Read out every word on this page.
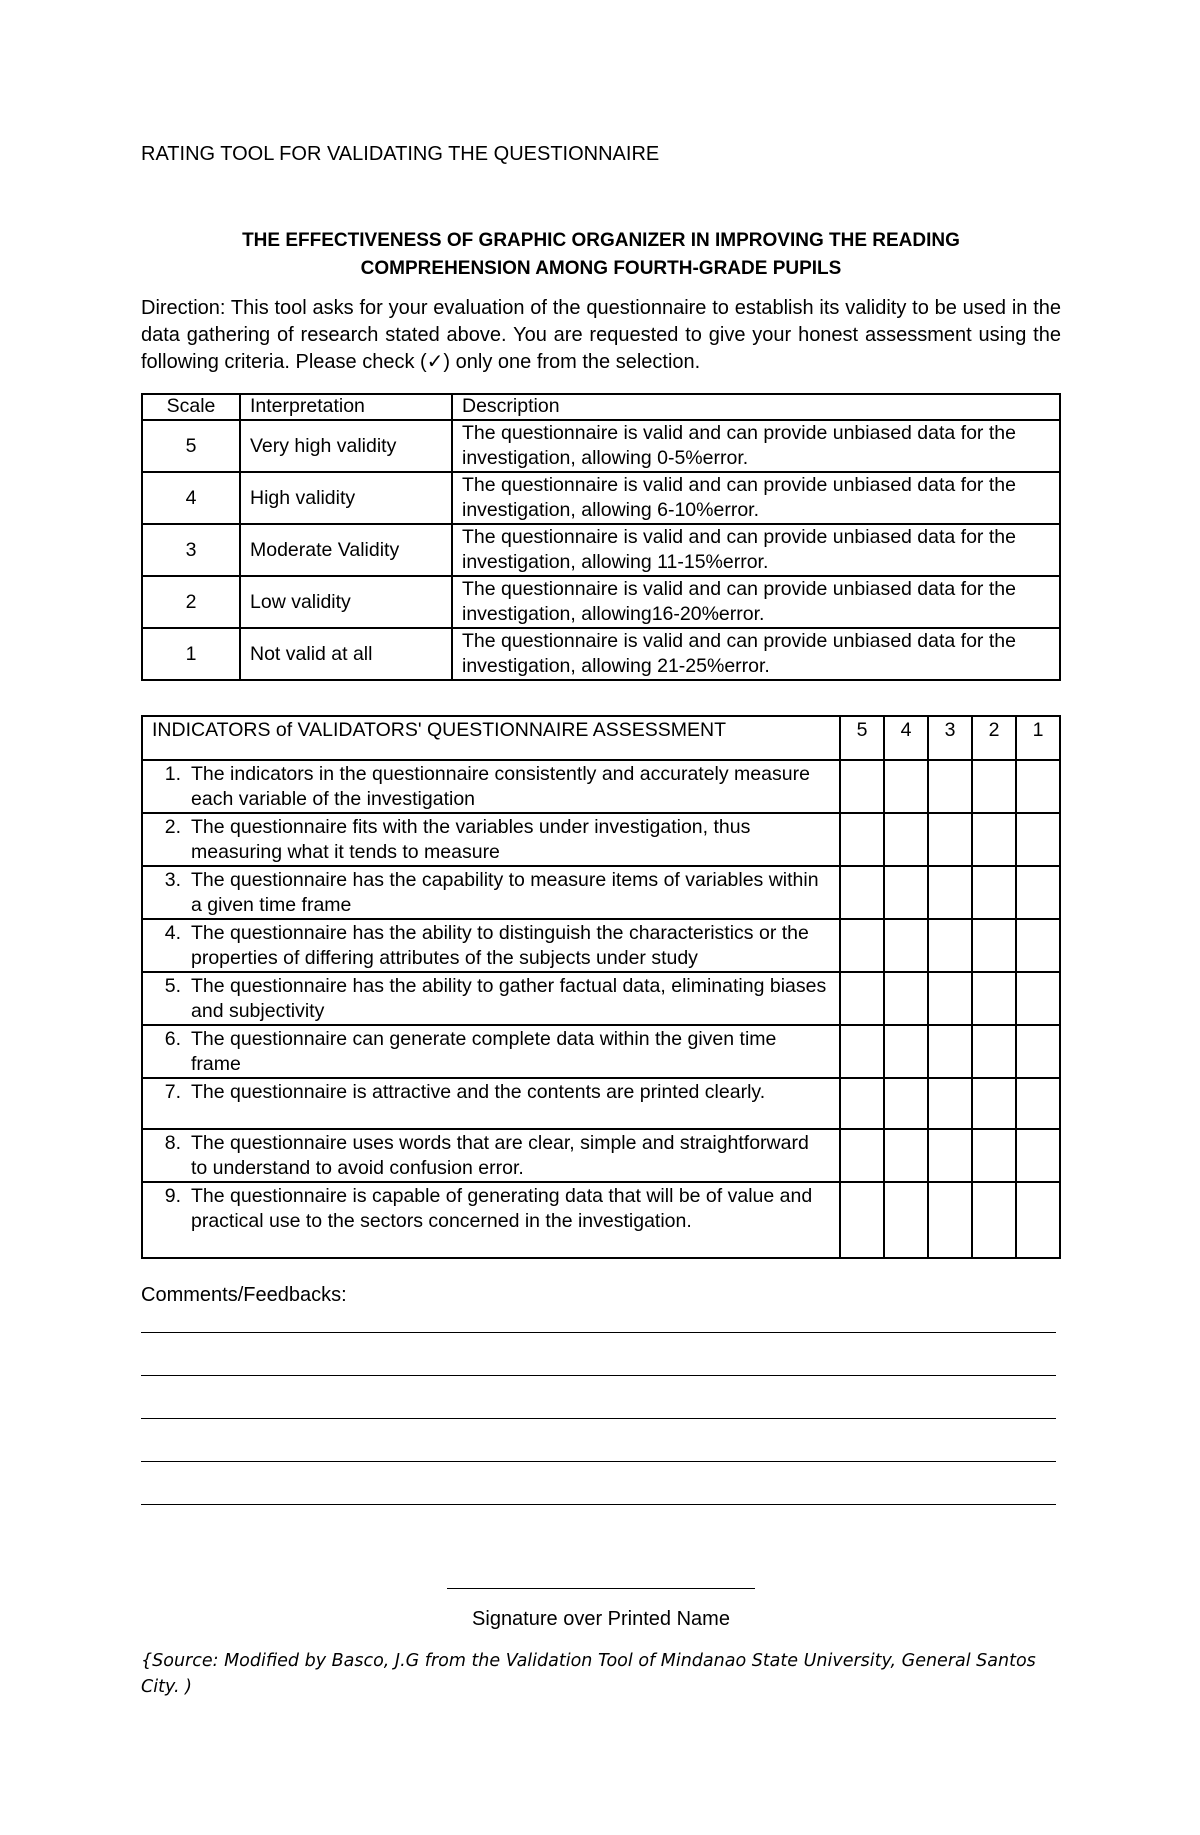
RATING TOOL FOR VALIDATING THE QUESTIONNAIRE
THE EFFECTIVENESS OF GRAPHIC ORGANIZER IN IMPROVING THE READING
COMPREHENSION AMONG FOURTH-GRADE PUPILS
Direction: This tool asks for your evaluation of the questionnaire to establish its validity to be used in the data gathering of research stated above. You are requested to give your honest assessment using the following criteria. Please check (✓) only one from the selection.
Scale	Interpretation	Description
5	Very high validity	The questionnaire is valid and can provide unbiased data for the investigation, allowing 0-5%error.
4	High validity	The questionnaire is valid and can provide unbiased data for the investigation, allowing 6-10%error.
3	Moderate Validity	The questionnaire is valid and can provide unbiased data for the investigation, allowing 11-15%error.
2	Low validity	The questionnaire is valid and can provide unbiased data for the investigation, allowing16-20%error.
1	Not valid at all	The questionnaire is valid and can provide unbiased data for the investigation, allowing 21-25%error.
INDICATORS of VALIDATORS' QUESTIONNAIRE ASSESSMENT	5	4	3	2	1

1. The indicators in the questionnaire consistently and accurately measure each variable of the investigation					

2. The questionnaire fits with the variables under investigation, thus measuring what it tends to measure					

3. The questionnaire has the capability to measure items of variables within a given time frame					

4. The questionnaire has the ability to distinguish the characteristics or the properties of differing attributes of the subjects under study					

5. The questionnaire has the ability to gather factual data, eliminating biases and subjectivity					

6. The questionnaire can generate complete data within the given time frame					

7. The questionnaire is attractive and the contents are printed clearly.					

8. The questionnaire uses words that are clear, simple and straightforward to understand to avoid confusion error.					

9. The questionnaire is capable of generating data that will be of value and practical use to the sectors concerned in the investigation.					

Comments/Feedbacks:
Signature over Printed Name
{Source: Modified by Basco, J.G from the Validation Tool of Mindanao State University, General Santos City. )
